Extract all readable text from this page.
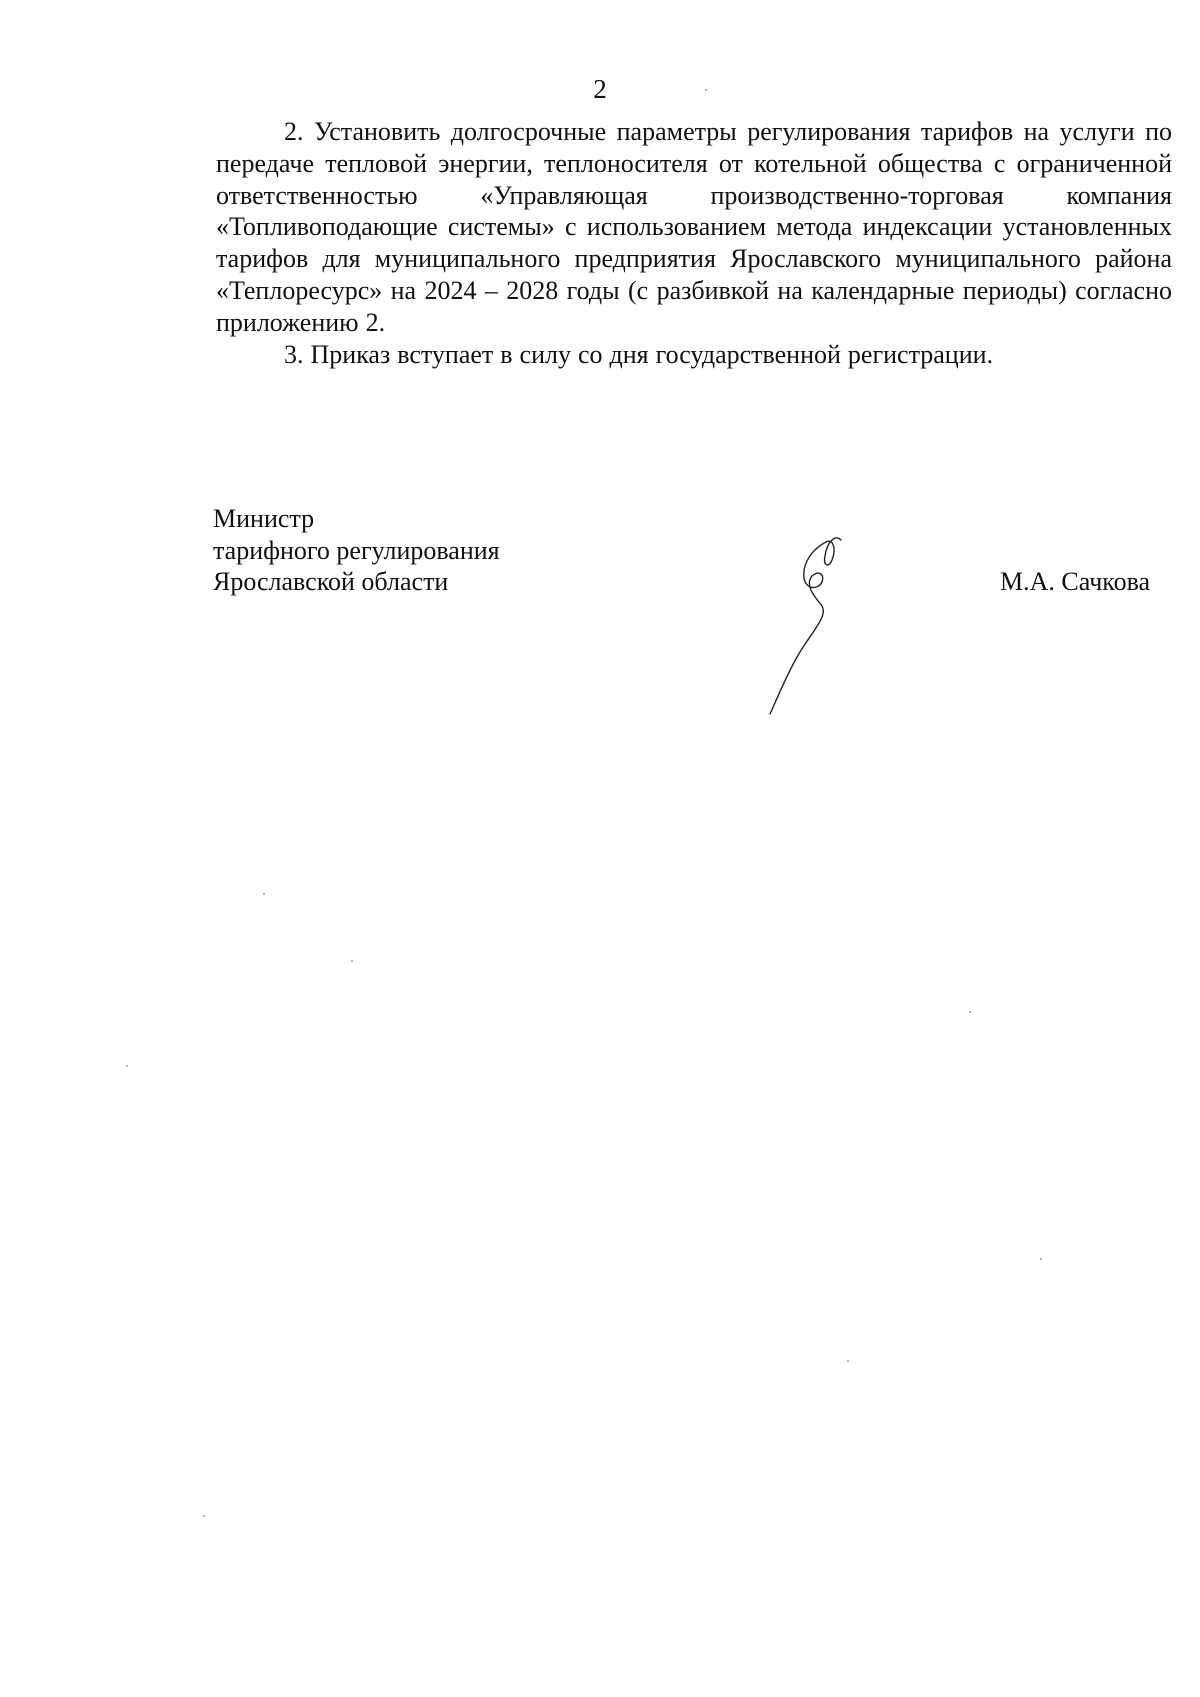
2

2. Установить долгосрочные параметры регулирования тарифов на услуги по передаче тепловой энергии, теплоносителя от котельной общества с ограниченной ответственностью «Управляющая производственно-торговая компания «Топливоподающие системы» с использованием метода индексации установленных тарифов для муниципального предприятия Ярославского муниципального района «Теплоресурс» на 2024 – 2028 годы (с разбивкой на календарные периоды) согласно приложению 2.

3. Приказ вступает в силу со дня государственной регистрации.

Министр
тарифного регулирования
Ярославской области	М.А. Сачкова
